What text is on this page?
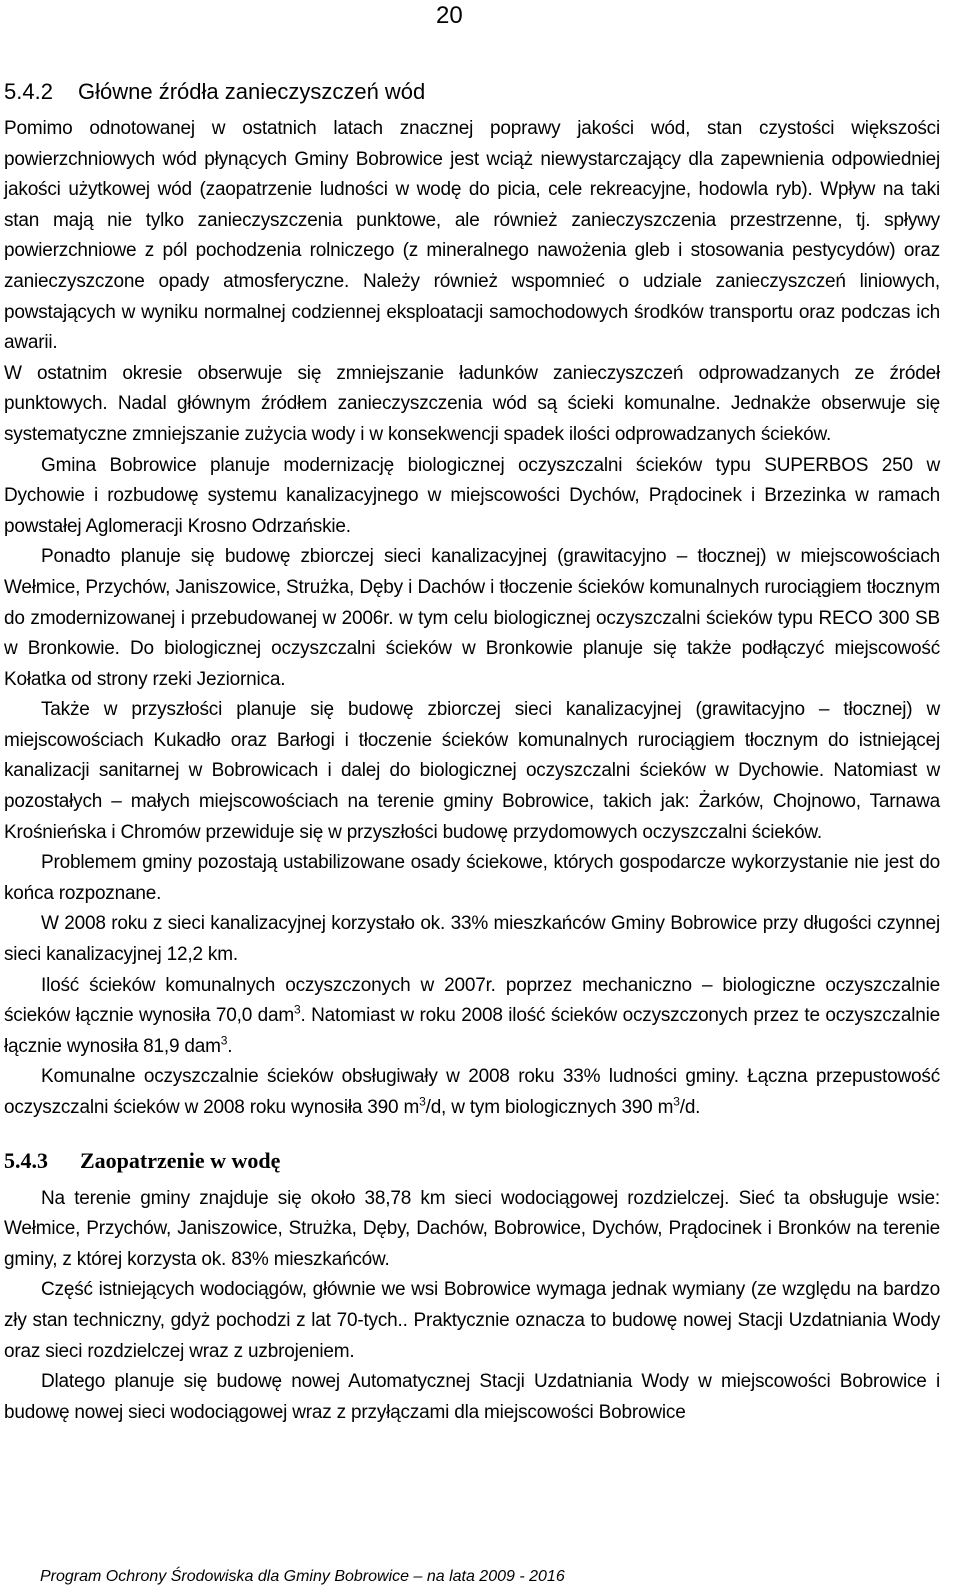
20
5.4.2 Główne źródła zanieczyszczeń wód

Pomimo odnotowanej w ostatnich latach znacznej poprawy jakości wód, stan czystości większości powierzchniowych wód płynących Gminy Bobrowice jest wciąż niewystarczający dla zapewnienia odpowiedniej jakości użytkowej wód (zaopatrzenie ludności w wodę do picia, cele rekreacyjne, hodowla ryb). Wpływ na taki stan mają nie tylko zanieczyszczenia punktowe, ale również zanieczyszczenia przestrzenne, tj. spływy powierzchniowe z pól pochodzenia rolniczego (z mineralnego nawożenia gleb i stosowania pestycydów) oraz zanieczyszczone opady atmosferyczne. Należy również wspomnieć o udziale zanieczyszczeń liniowych, powstających w wyniku normalnej codziennej eksploatacji samochodowych środków transportu oraz podczas ich awarii.

W ostatnim okresie obserwuje się zmniejszanie ładunków zanieczyszczeń odprowadzanych ze źródeł punktowych. Nadal głównym źródłem zanieczyszczenia wód są ścieki komunalne. Jednakże obserwuje się systematyczne zmniejszanie zużycia wody i w konsekwencji spadek ilości odprowadzanych ścieków.

Gmina Bobrowice planuje modernizację biologicznej oczyszczalni ścieków typu SUPERBOS 250 w Dychowie i rozbudowę systemu kanalizacyjnego w miejscowości Dychów, Prądocinek i Brzezinka w ramach powstałej Aglomeracji Krosno Odrzańskie.

Ponadto planuje się budowę zbiorczej sieci kanalizacyjnej (grawitacyjno – tłocznej) w miejscowościach Wełmice, Przychów, Janiszowice, Strużka, Dęby i Dachów i tłoczenie ścieków komunalnych rurociągiem tłocznym do zmodernizowanej i przebudowanej w 2006r. w tym celu biologicznej oczyszczalni ścieków typu RECO 300 SB w Bronkowie. Do biologicznej oczyszczalni ścieków w Bronkowie planuje się także podłączyć miejscowość Kołatka od strony rzeki Jeziornica.

Także w przyszłości planuje się budowę zbiorczej sieci kanalizacyjnej (grawitacyjno – tłocznej) w miejscowościach Kukadło oraz Barłogi i tłoczenie ścieków komunalnych rurociągiem tłocznym do istniejącej kanalizacji sanitarnej w Bobrowicach i dalej do biologicznej oczyszczalni ścieków w Dychowie. Natomiast w pozostałych – małych miejscowościach na terenie gminy Bobrowice, takich jak: Żarków, Chojnowo, Tarnawa Krośnieńska i Chromów przewiduje się w przyszłości budowę przydomowych oczyszczalni ścieków.

Problemem gminy pozostają ustabilizowane osady ściekowe, których gospodarcze wykorzystanie nie jest do końca rozpoznane.

W 2008 roku z sieci kanalizacyjnej korzystało ok. 33% mieszkańców Gminy Bobrowice przy długości czynnej sieci kanalizacyjnej 12,2 km.

Ilość ścieków komunalnych oczyszczonych w 2007r. poprzez mechaniczno – biologiczne oczyszczalnie ścieków łącznie wynosiła 70,0 dam$^3$. Natomiast w roku 2008 ilość ścieków oczyszczonych przez te oczyszczalnie łącznie wynosiła 81,9 dam$^3$.

Komunalne oczyszczalnie ścieków obsługiwały w 2008 roku 33% ludności gminy. Łączna przepustowość oczyszczalni ścieków w 2008 roku wynosiła 390 $m^3/d$, w tym biologicznych 390 $m^3/d$.

5.4.3 Zaopatrzenie w wodę

Na terenie gminy znajduje się około 38,78 km sieci wodociągowej rozdzielczej. Sieć ta obsługuje wsie: Wełmice, Przychów, Janiszowice, Strużka, Dęby, Dachów, Bobrowice, Dychów, Prądocinek i Bronków na terenie gminy, z której korzysta ok. 83% mieszkańców.

Część istniejących wodociągów, głównie we wsi Bobrowice wymaga jednak wymiany (ze względu na bardzo zły stan techniczny, gdyż pochodzi z lat 70-tych.. Praktycznie oznacza to budowę nowej Stacji Uzdatniania Wody oraz sieci rozdzielczej wraz z uzbrojeniem.

Dlatego planuje się budowę nowej Automatycznej Stacji Uzdatniania Wody w miejscowości Bobrowice i budowę nowej sieci wodociągowej wraz z przyłączami dla miejscowości Bobrowice

Program Ochrony Środowiska dla Gminy Bobrowice – na lata 2009 - 2016
